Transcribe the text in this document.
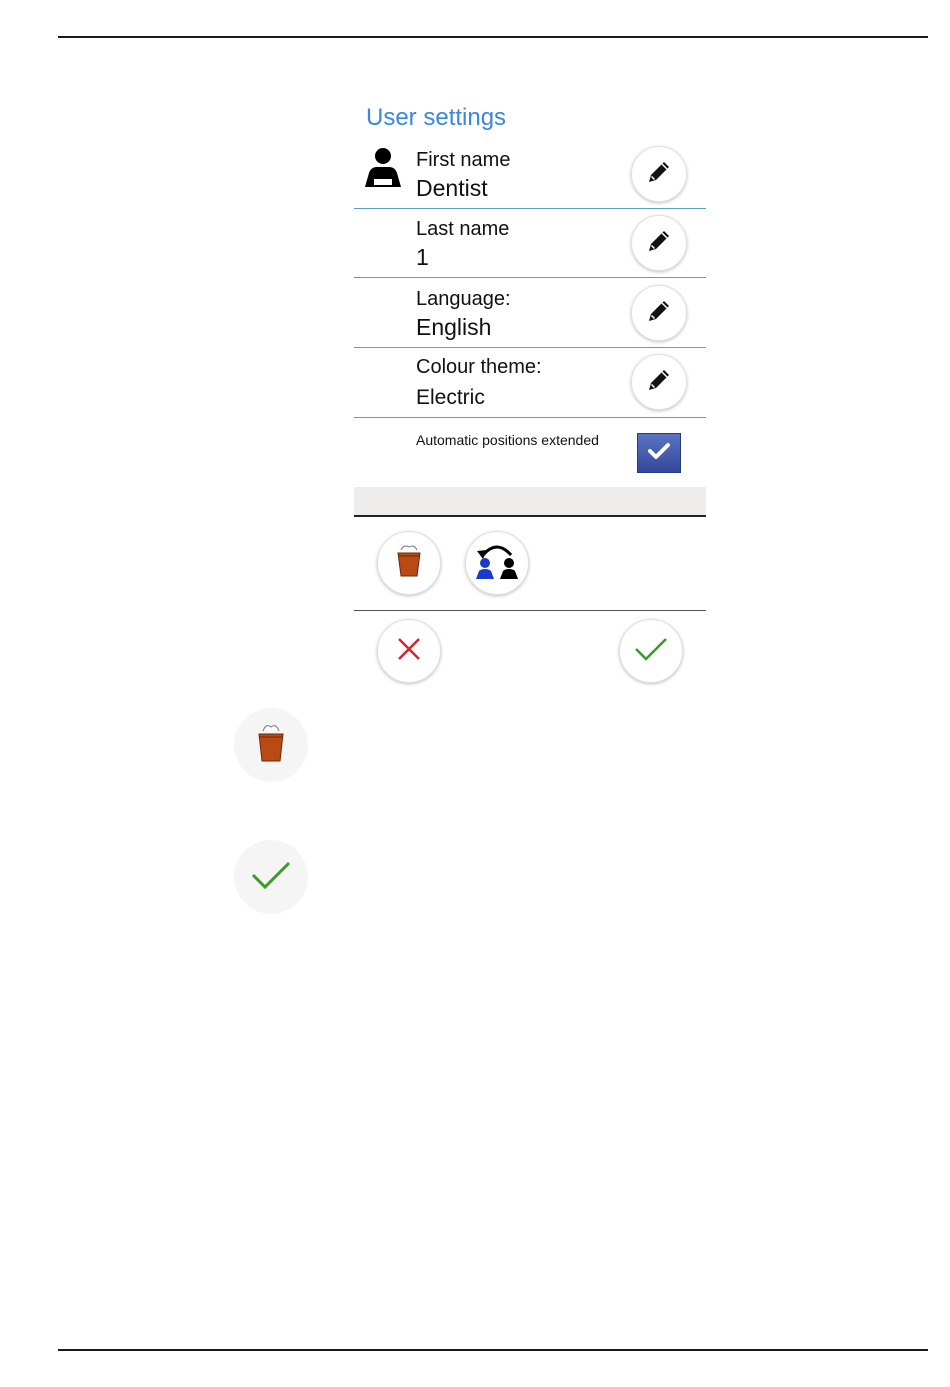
User settings
First name
Dentist
Last name
1
Language:
English
Colour theme:
Electric
Automatic positions extended
